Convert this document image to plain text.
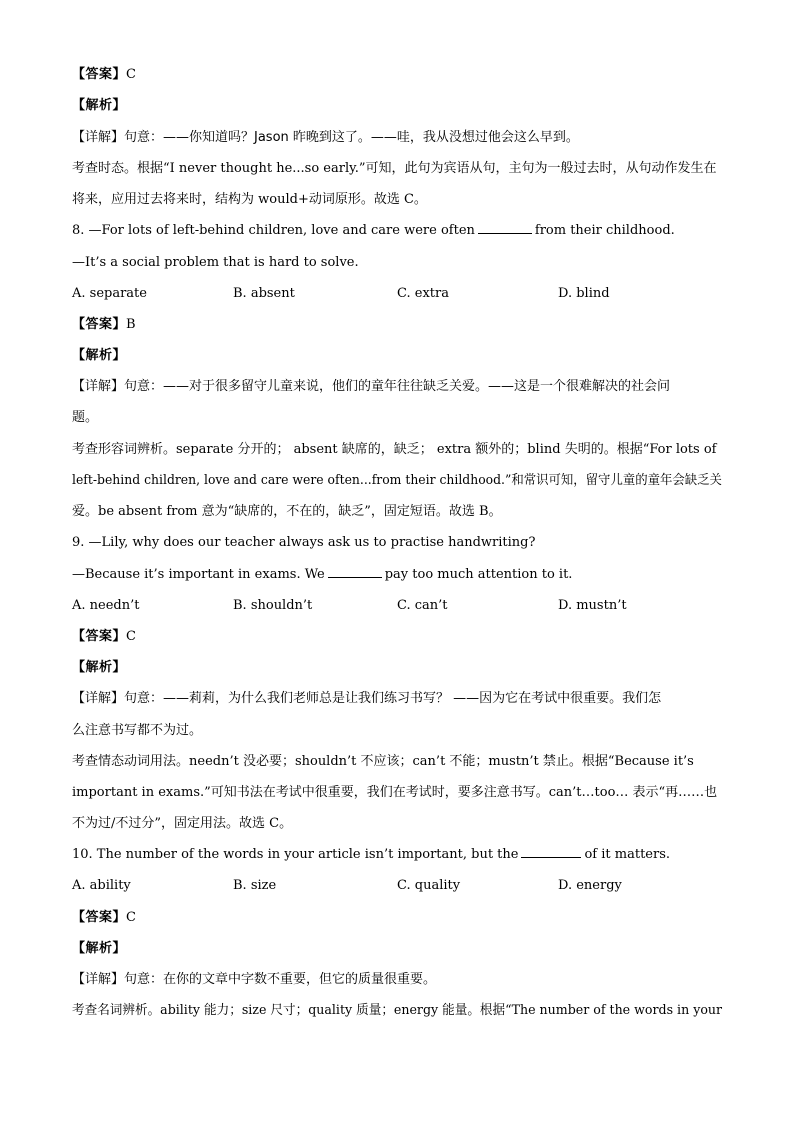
【答案】C
【解析】
【详解】句意：——你知道吗？Jason 昨晚到这了。——哇，我从没想过他会这么早到。
考查时态。根据“I never thought he...so early.”可知，此句为宾语从句，主句为一般过去时，从句动作发生在
将来，应用过去将来时，结构为 would+动词原形。故选 C。
8. —For lots of left-behind children, love and care were often	from their childhood.
—It’s a social problem that is hard to solve.
A. separate	B. absent	C. extra	D. blind
【答案】B
【解析】
【详解】句意：——对于很多留守儿童来说，他们的童年往往缺乏关爱。——这是一个很难解决的社会问
题。
考查形容词辨析。separate 分开的； absent 缺席的，缺乏； extra 额外的；blind 失明的。根据“For lots of
left-behind children, love and care were often...from their childhood.”和常识可知，留守儿童的童年会缺乏关
爱。be absent from 意为“缺席的，不在的，缺乏”，固定短语。故选 B。
9. —Lily, why does our teacher always ask us to practise handwriting?
—Because it’s important in exams. We	pay too much attention to it.
A. needn’t	B. shouldn’t	C. can’t	D. mustn’t
【答案】C
【解析】
【详解】句意：——莉莉，为什么我们老师总是让我们练习书写？ ——因为它在考试中很重要。我们怎
么注意书写都不为过。
考查情态动词用法。needn’t 没必要；shouldn’t 不应该；can’t 不能；mustn’t 禁止。根据“Because it’s
important in exams.”可知书法在考试中很重要，我们在考试时，要多注意书写。can’t…too… 表示“再……也
不为过/不过分”，固定用法。故选 C。
10. The number of the words in your article isn’t important, but the	of it matters.
A. ability	B. size	C. quality	D. energy
【答案】C
【解析】
【详解】句意：在你的文章中字数不重要，但它的质量很重要。
考查名词辨析。ability 能力；size 尺寸；quality 质量；energy 能量。根据“The number of the words in your
